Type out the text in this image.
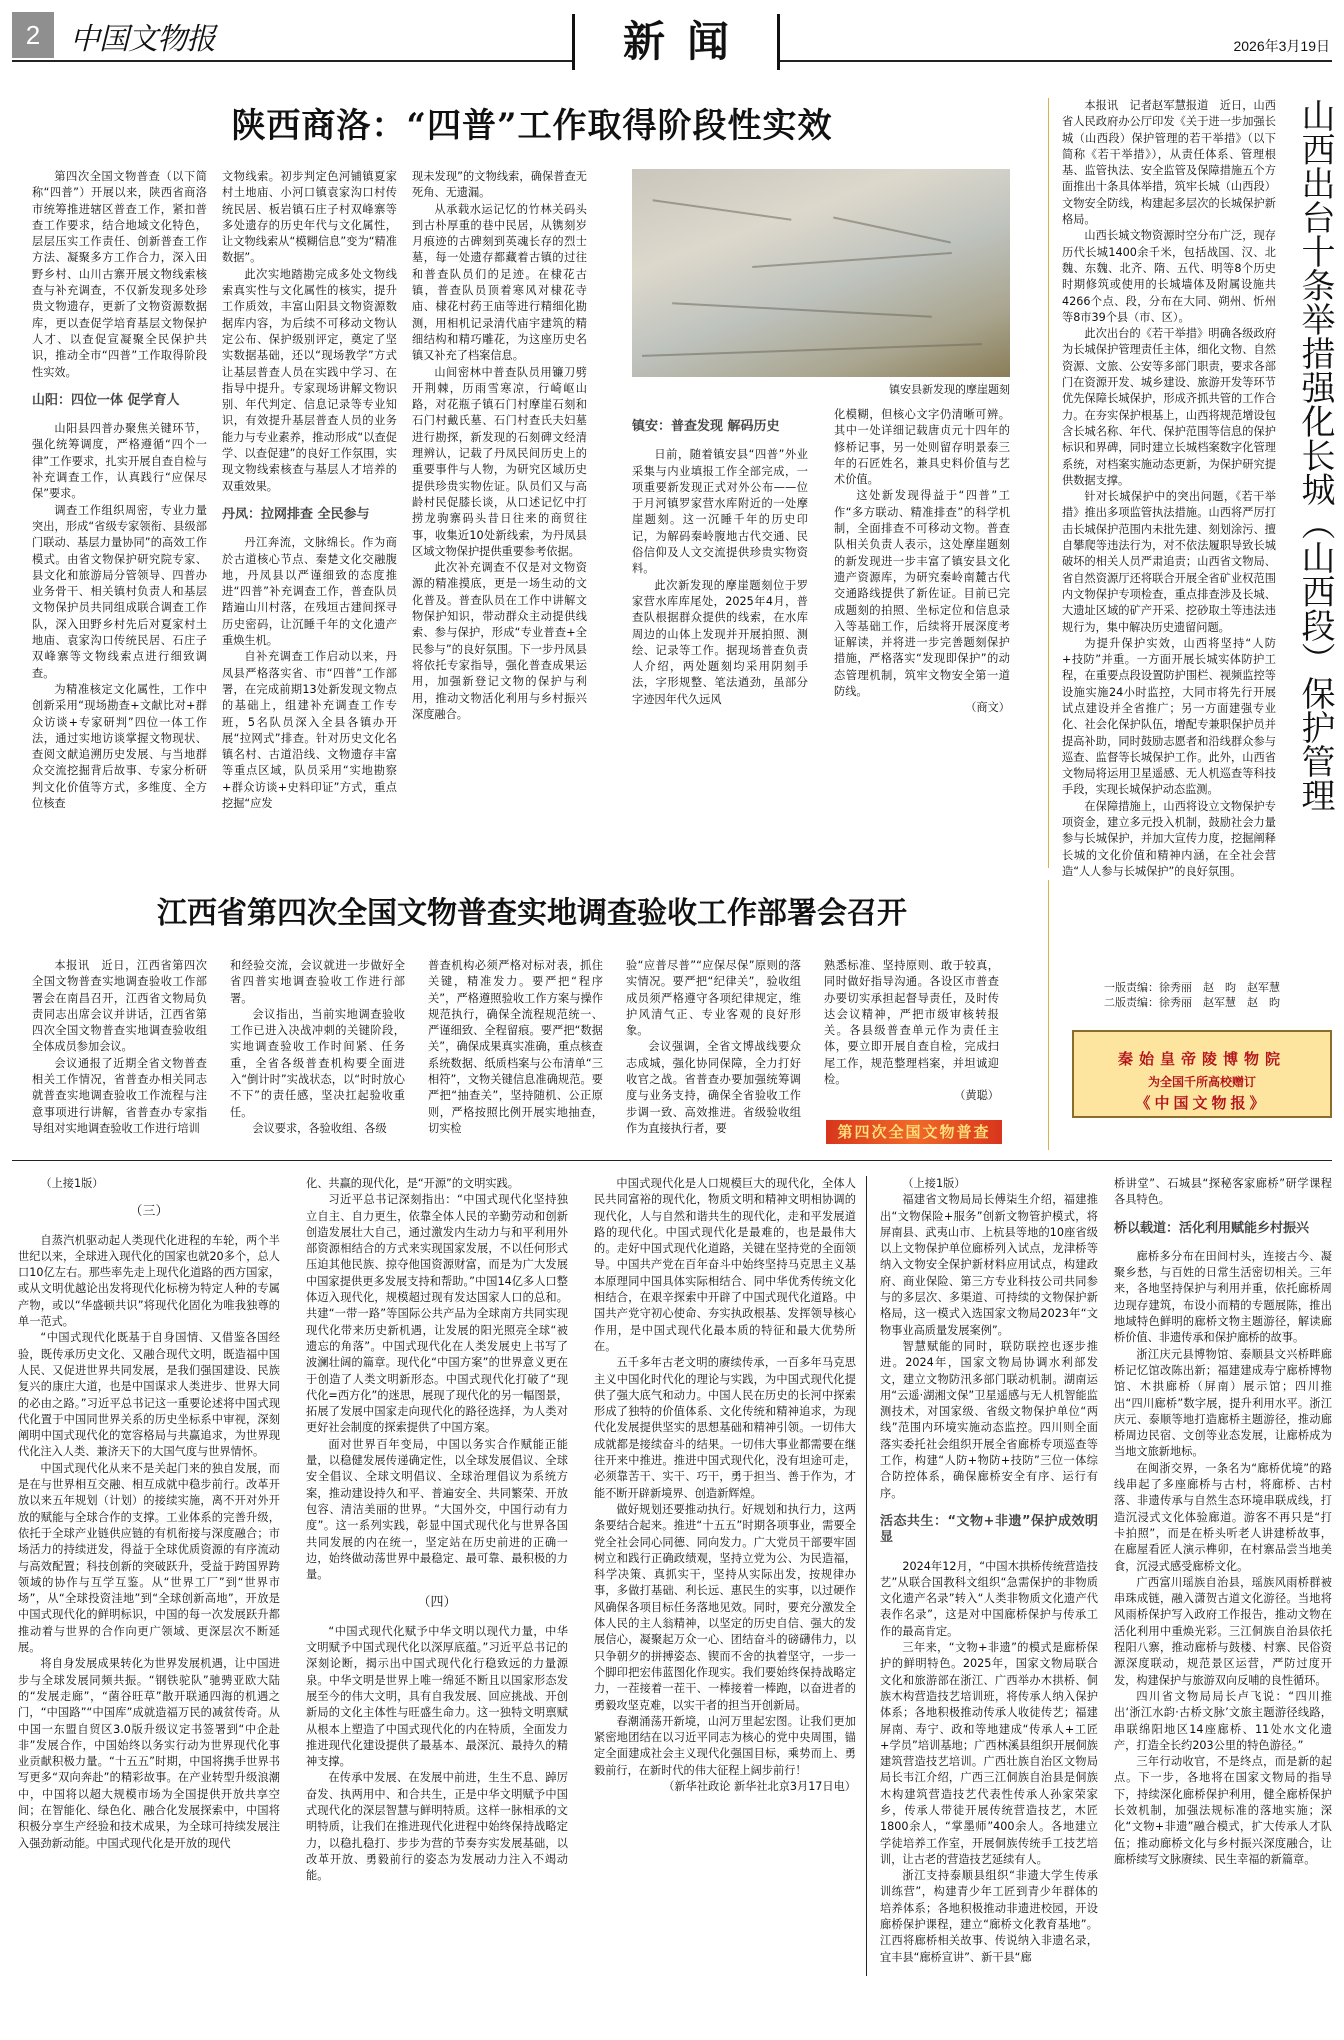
2 中国文物报	新闻	2026年3月19日
陕西商洛：“四普”工作取得阶段性实效

第四次全国文物普查（以下简称“四普”）开展以来，陕西省商洛市统筹推进辖区普查工作，紧扣普查工作要求，结合地域文化特色，层层压实工作责任、创新普查工作方法、凝聚多方工作合力，深入田野乡村、山川古寨开展文物线索核查与补充调查，不仅新发现多处珍贵文物遗存，更新了文物资源数据库，更以查促学培育基层文物保护人才、以查促宣凝聚全民保护共识，推动全市“四普”工作取得阶段性实效。

山阳：四位一体 促学育人

山阳县四普办聚焦关键环节，强化统筹调度，严格遵循“四个一律”工作要求，扎实开展自查自检与补充调查工作，认真践行“应保尽保”要求。

调查工作组织周密，专业力量突出，形成“省级专家领衔、县级部门联动、基层力量协同”的高效工作模式。由省文物保护研究院专家、县文化和旅游局分管领导、四普办业务骨干、相关镇村负责人和基层文物保护员共同组成联合调查工作队，深入田野乡村先后对夏家村土地庙、袁家沟口传统民居、石庄子双峰寨等文物线索点进行细致调查。

为精准核定文化属性，工作中创新采用“现场勘查+文献比对+群众访谈+专家研判”四位一体工作法，通过实地访谈掌握文物现状、查阅文献追溯历史发展、与当地群众交流挖掘背后故事、专家分析研判文化价值等方式，多维度、全方位核查

文物线索。初步判定色河铺镇夏家村土地庙、小河口镇袁家沟口村传统民居、板岩镇石庄子村双峰寨等多处遗存的历史年代与文化属性，让文物线索从“模糊信息”变为“精准数据”。

此次实地踏勘完成多处文物线索真实性与文化属性的核实，提升工作质效，丰富山阳县文物资源数据库内容，为后续不可移动文物认定公布、保护级别评定，奠定了坚实数据基础，还以“现场教学”方式让基层普查人员在实践中学习、在指导中提升。专家现场讲解文物识别、年代判定、信息记录等专业知识，有效提升基层普查人员的业务能力与专业素养，推动形成“以查促学、以查促建”的良好工作氛围，实现文物线索核查与基层人才培养的双重效果。

丹凤：拉网排查 全民参与

丹江奔流，文脉绵长。作为商於古道核心节点、秦楚文化交融腹地，丹凤县以严谨细致的态度推进“四普”补充调查工作，普查队员踏遍山川村落，在残垣古建间探寻历史密码，让沉睡千年的文化遗产重焕生机。

自补充调查工作启动以来，丹凤县严格落实省、市“四普”工作部署，在完成前期13处新发现文物点的基础上，组建补充调查工作专班，5名队员深入全县各镇办开展“拉网式”排查。针对历史文化名镇名村、古道沿线、文物遗存丰富等重点区域，队员采用“实地勘察+群众访谈+史料印证”方式，重点挖掘“应发

现未发现”的文物线索，确保普查无死角、无遗漏。

从承载水运记忆的竹林关码头到古朴厚重的巷中民居，从镌刻岁月痕迹的古碑刻到英魂长存的烈士墓，每一处遗存都藏着古镇的过往和普查队员们的足迹。在棣花古镇，普查队员顶着寒风对棣花寺庙、棣花村药王庙等进行精细化勘测，用相机记录清代庙宇建筑的精细结构和精巧雕花，为这座历史名镇又补充了档案信息。

山间密林中普查队员用镰刀劈开荆棘，历雨雪寒凉，行崎岖山路，对花瓶子镇石门村摩崖石刻和石门村戴氏墓、石门村查氏夫妇墓进行勘探，新发现的石刻碑文经清理辨认，记载了丹凤民间历史上的重要事件与人物，为研究区域历史提供珍贵实物佐证。队员们又与高龄村民促膝长谈，从口述记忆中打捞龙驹寨码头昔日往来的商贸往事，收集近10处新线索，为丹凤县区域文物保护提供重要参考依据。

此次补充调查不仅是对文物资源的精准摸底，更是一场生动的文化普及。普查队员在工作中讲解文物保护知识，带动群众主动提供线索、参与保护，形成“专业普查+全民参与”的良好氛围。下一步丹凤县将依托专家指导，强化普查成果运用，加强新登记文物的保护与利用，推动文物活化利用与乡村振兴深度融合。

镇安县新发现的摩崖题刻
镇安：普查发现 解码历史

日前，随着镇安县“四普”外业采集与内业填报工作全部完成，一项重要新发现正式对外公布——位于月河镇罗家营水库附近的一处摩崖题刻。这一沉睡千年的历史印记，为解码秦岭腹地古代交通、民俗信仰及人文交流提供珍贵实物资料。

此次新发现的摩崖题刻位于罗家营水库库尾处，2025年4月，普查队根据群众提供的线索，在水库周边的山体上发现并开展拍照、测绘、记录等工作。据现场普查负责人介绍，两处题刻均采用阴刻手法，字形规整、笔法遒劲，虽部分字迹因年代久远风

化模糊，但核心文字仍清晰可辨。其中一处详细记载唐贞元十四年的修桥记事，另一处则留存明景泰三年的石匠姓名，兼具史料价值与艺术价值。

这处新发现得益于“四普”工作“多方联动、精准排查”的科学机制，全面排查不可移动文物。普查队相关负责人表示，这处摩崖题刻的新发现进一步丰富了镇安县文化遗产资源库，为研究秦岭南麓古代交通路线提供了新佐证。目前已完成题刻的拍照、坐标定位和信息录入等基础工作，后续将开展深度考证解读，并将进一步完善题刻保护措施，严格落实“发现即保护”的动态管理机制，筑牢文物安全第一道防线。

（商文）

本报讯　记者赵军慧报道　近日，山西省人民政府办公厅印发《关于进一步加强长城（山西段）保护管理的若干举措》（以下简称《若干举措》），从责任体系、管理根基、监管执法、安全监管及保障措施五个方面推出十条具体举措，筑牢长城（山西段）文物安全防线，构建起多层次的长城保护新格局。

山西长城文物资源时空分布广泛，现存历代长城1400余千米，包括战国、汉、北魏、东魏、北齐、隋、五代、明等8个历史时期修筑或使用的长城墙体及附属设施共4266个点、段，分布在大同、朔州、忻州等8市39个县（市、区）。

此次出台的《若干举措》明确各级政府为长城保护管理责任主体，细化文物、自然资源、文旅、公安等多部门职责，要求各部门在资源开发、城乡建设、旅游开发等环节优先保障长城保护，形成齐抓共管的工作合力。在夯实保护根基上，山西将规范增设包含长城名称、年代、保护范围等信息的保护标识和界碑，同时建立长城档案数字化管理系统，对档案实施动态更新，为保护研究提供数据支撑。

针对长城保护中的突出问题，《若干举措》推出多项监管执法措施。山西将严厉打击长城保护范围内未批先建、刻划涂污、擅自攀爬等违法行为，对不依法履职导致长城破坏的相关人员严肃追责；山西省文物局、省自然资源厅还将联合开展全省矿业权范围内文物保护专项检查，重点排查涉及长城、大遗址区域的矿产开采、挖砂取土等违法违规行为，集中解决历史遗留问题。

为提升保护实效，山西将坚持“人防+技防”并重。一方面开展长城实体防护工程，在重要点段设置防护围栏、视频监控等设施实施24小时监控，大同市将先行开展试点建设并全省推广；另一方面建强专业化、社会化保护队伍，增配专兼职保护员并提高补助，同时鼓励志愿者和沿线群众参与巡查、监督等长城保护工作。此外，山西省文物局将运用卫星遥感、无人机巡查等科技手段，实现长城保护动态监测。

在保障措施上，山西将设立文物保护专项资金，建立多元投入机制，鼓励社会力量参与长城保护，并加大宣传力度，挖掘阐释长城的文化价值和精神内涵，在全社会营造“人人参与长城保护”的良好氛围。

山西出台十条举措强化长城（山西段）保护管理
一版责编：徐秀丽　赵　昀　赵军慧
二版责编：徐秀丽　赵军慧　赵　昀
秦始皇帝陵博物院
为全国千所高校赠订
《中国文物报》
江西省第四次全国文物普查实地调查验收工作部署会召开

本报讯　近日，江西省第四次全国文物普查实地调查验收工作部署会在南昌召开，江西省文物局负责同志出席会议并讲话，江西省第四次全国文物普查实地调查验收组全体成员参加会议。

会议通报了近期全省文物普查相关工作情况，省普查办相关同志就普查实地调查验收工作流程与注意事项进行讲解，省普查办专家指导组对实地调查验收工作进行培训

和经验交流，会议就进一步做好全省四普实地调查验收工作进行部署。

会议指出，当前实地调查验收工作已进入决战冲刺的关键阶段，实地调查验收工作时间紧、任务重，全省各级普查机构要全面进入“倒计时”实战状态，以“时时放心不下”的责任感，坚决扛起验收重任。

会议要求，各验收组、各级

普查机构必须严格对标对表，抓住关键，精准发力。要严把“程序关”，严格遵照验收工作方案与操作规范执行，确保全流程规范统一、严谨细致、全程留痕。要严把“数据关”，确保成果真实准确，重点核查系统数据、纸质档案与公布清单“三相符”，文物关键信息准确规范。要严把“抽查关”，坚持随机、公正原则，严格按照比例开展实地抽查，切实检

验“应普尽普”“应保尽保”原则的落实情况。要严把“纪律关”，验收组成员须严格遵守各项纪律规定，维护风清气正、专业客观的良好形象。

会议强调，全省文博战线要众志成城，强化协同保障，全力打好收官之战。省普查办要加强统筹调度与业务支持，确保全省验收工作步调一致、高效推进。省级验收组作为直接执行者，要

熟悉标准、坚持原则、敢于较真，同时做好指导沟通。各设区市普查办要切实承担起督导责任，及时传达会议精神，严把市级审核转报关。各县级普查单元作为责任主体，要立即开展自查自检，完成扫尾工作，规范整理档案，并坦诚迎检。

（黄聪）

第四次全国文物普查

（上接1版）

（三）

自蒸汽机驱动起人类现代化进程的车轮，两个半世纪以来，全球进入现代化的国家也就20多个，总人口10亿左右。那些率先走上现代化道路的西方国家，或从文明优越论出发将现代化标榜为特定人种的专属产物，或以“华盛顿共识”将现代化固化为唯我独尊的单一范式。

“中国式现代化既基于自身国情、又借鉴各国经验，既传承历史文化、又融合现代文明，既造福中国人民、又促进世界共同发展，是我们强国建设、民族复兴的康庄大道，也是中国谋求人类进步、世界大同的必由之路。”习近平总书记这一重要论述将中国式现代化置于中国同世界关系的历史坐标系中审视，深刻阐明中国式现代化的宽容格局与共赢追求，为世界现代化注入人类、兼济天下的大国气度与世界情怀。

中国式现代化从来不是关起门来的独自发展，而是在与世界相互交融、相互成就中稳步前行。改革开放以来五年规划（计划）的接续实施，离不开对外开放的赋能与全球合作的支撑。工业体系的完善升级，依托于全球产业链供应链的有机衔接与深度融合；市场活力的持续迸发，得益于全球优质资源的有序流动与高效配置；科技创新的突破跃升，受益于跨国界跨领域的协作与互学互鉴。从“世界工厂”到“世界市场”，从“全球投资洼地”到“全球创新高地”，开放是中国式现代化的鲜明标识，中国的每一次发展跃升都推动着与世界的合作向更广领域、更深层次不断延展。

将自身发展成果转化为世界发展机遇，让中国进步与全球发展同频共振。“钢铁驼队”驰骋亚欧大陆的“发展走廊”，“菌谷旺草”散开联通四海的机遇之门，“中国路”“中国库”成就造福万民的减贫传奇。从中国一东盟自贸区3.0版升级议定书签署到“中企赴非”发展合作，中国始终以务实行动为世界现代化事业贡献积极力量。“十五五”时期，中国将携手世界书写更多“双向奔赴”的精彩故事。在产业转型升级浪潮中，中国将以超大规模市场为全国提供开放共享空间；在智能化、绿色化、融合化发展探索中，中国将积极分享生产经验和技术成果，为全球可持续发展注入强劲新动能。中国式现代化是开放的现代

化、共赢的现代化，是“开源”的文明实践。

习近平总书记深刻指出：“中国式现代化坚持独立自主、自力更生，依靠全体人民的辛勤劳动和创新创造发展壮大自己，通过激发内生动力与和平利用外部资源相结合的方式来实现国家发展，不以任何形式压迫其他民族、掠夺他国资源财富，而是为广大发展中国家提供更多发展支持和帮助。”中国14亿多人口整体迈入现代化，规模超过现有发达国家人口的总和。共建“一带一路”等国际公共产品为全球南方共同实现现代化带来历史新机遇，让发展的阳光照亮全球“被遗忘的角落”。中国式现代化在人类发展史上书写了波澜壮阔的篇章。现代化“中国方案”的世界意义更在于创造了人类文明新形态。中国式现代化打破了“现代化=西方化”的迷思，展现了现代化的另一幅图景，拓展了发展中国家走向现代化的路径选择，为人类对更好社会制度的探索提供了中国方案。

面对世界百年变局，中国以务实合作赋能正能量，以稳健发展传递确定性，以全球发展倡议、全球安全倡议、全球文明倡议、全球治理倡议为系统方案，推动建设持久和平、普遍安全、共同繁荣、开放包容、清洁美丽的世界。“大国外交，中国行动有力度”。这一系列实践，彰显中国式现代化与世界各国共同发展的内在统一，坚定站在历史前进的正确一边，始终做动荡世界中最稳定、最可靠、最积极的力量。

（四）

“中国式现代化赋予中华文明以现代力量，中华文明赋予中国式现代化以深厚底蕴。”习近平总书记的深刻论断，揭示出中国式现代化行稳致远的力量源泉。中华文明是世界上唯一绵延不断且以国家形态发展至今的伟大文明，具有自我发展、回应挑战、开创新局的文化主体性与旺盛生命力。这一独特文明禀赋从根本上塑造了中国式现代化的内在特质，全面发力推进现代化建设提供了最基本、最深沉、最持久的精神支撑。

在传承中发展、在发展中前进，生生不息、踔厉奋发、执两用中、和合共生，正是中华文明赋予中国式现代化的深层智慧与鲜明特质。这样一脉相承的文明特质，让我们在推进现代化进程中始终保持战略定力，以稳扎稳打、步步为营的节奏夯实发展基础，以改革开放、勇毅前行的姿态为发展动力注入不竭动能。

中国式现代化是人口规模巨大的现代化，全体人民共同富裕的现代化，物质文明和精神文明相协调的现代化，人与自然和谐共生的现代化，走和平发展道路的现代化。中国式现代化是最难的，也是最伟大的。走好中国式现代化道路，关键在坚持党的全面领导。中国共产党在百年奋斗中始终坚持马克思主义基本原理同中国具体实际相结合、同中华优秀传统文化相结合，在艰辛探索中开辟了中国式现代化道路。中国共产党守初心使命、夯实执政根基、发挥领导核心作用，是中国式现代化最本质的特征和最大优势所在。

五千多年古老文明的赓续传承，一百多年马克思主义中国化时代化的理论与实践，为中国式现代化提供了强大底气和动力。中国人民在历史的长河中探索形成了独特的价值体系、文化传统和精神追求，为现代化发展提供坚实的思想基础和精神引领。一切伟大成就都是接续奋斗的结果。一切伟大事业都需要在继往开来中推进。推进中国式现代化，没有坦途可走，必须靠苦干、实干、巧干，勇于担当、善于作为，才能不断开辟新境界、创造新辉煌。

做好规划还要推动执行。好规划和执行力，这两条要结合起来。推进“十五五”时期各项事业，需要全党全社会同心同德、同向发力。广大党员干部要牢固树立和践行正确政绩观，坚持立党为公、为民造福，科学决策、真抓实干，坚持从实际出发，按规律办事，多做打基础、利长远、惠民生的实事，以过硬作风确保各项目标任务落地见效。同时，要充分激发全体人民的主人翁精神，以坚定的历史自信、强大的发展信心，凝聚起万众一心、团结奋斗的磅礴伟力，以只争朝夕的拼搏姿态、锲而不舍的执着坚守，一步一个脚印把宏伟蓝图化作现实。我们要始终保持战略定力，一茬接着一茬干、一棒接着一棒跑，以奋进者的勇毅攻坚克难，以实干者的担当开创新局。

春潮涌荡开新境，山河万里起宏图。让我们更加紧密地团结在以习近平同志为核心的党中央周围，锚定全面建成社会主义现代化强国目标，乘势而上、勇毅前行，在新时代的伟大征程上阔步前行！

（新华社政论 新华社北京3月17日电）

（上接1版）

福建省文物局局长傅柒生介绍，福建推出“文物保险+服务”创新文物管护模式，将屏南县、武夷山市、上杭县等地的10座省级以上文物保护单位廊桥列入试点，龙津桥等纳入文物安全保护新材料应用试点，构建政府、商业保险、第三方专业科技公司共同参与的多层次、多渠道、可持续的文物保护新格局，这一模式入选国家文物局2023年“文物事业高质量发展案例”。

智慧赋能的同时，联防联控也逐步推进。2024年，国家文物局协调水利部发文，建立文物防汛多部门联动机制。湖南运用“云遥·湖湘文保”卫星遥感与无人机智能监测技术，对国家级、省级文物保护单位“两线”范围内环境实施动态监控。四川则全面落实委托社会组织开展全省廊桥专项巡查等工作，构建“人防+物防+技防”三位一体综合防控体系，确保廊桥安全有序、运行有序。

活态共生：“文物+非遗”保护成效明显

2024年12月，“中国木拱桥传统营造技艺”从联合国教科文组织“急需保护的非物质文化遗产名录”转入“人类非物质文化遗产代表作名录”，这是对中国廊桥保护与传承工作的最高肯定。

三年来，“文物+非遗”的模式是廊桥保护的鲜明特色。2025年，国家文物局联合文化和旅游部在浙江、广西举办木拱桥、侗族木构营造技艺培训班，将传承人纳入保护体系；各地积极推动传承人收徒传艺；福建屏南、寿宁、政和等地建成“传承人+工匠+学员”培训基地；广西林溪县组织开展侗族建筑营造技艺培训。广西壮族自治区文物局局长韦江介绍，广西三江侗族自治县是侗族木构建筑营造技艺代表性传承人孙家荣家乡，传承人带徒开展传统营造技艺，木匠1800余人，“掌墨师”400余人。各地建立学徒培养工作室，开展侗族传统手工技艺培训，让古老的营造技艺延续有人。

浙江支持泰顺县组织“非遗大学生传承训练营”，构建青少年工匠到青少年群体的培养体系；各地积极推动非遗进校园，开设廊桥保护课程，建立“廊桥文化教育基地”。江西将廊桥相关故事、传说纳入非遗名录，宜丰县“廊桥宣讲”、新干县“廊

桥讲堂”、石城县“探秘客家廊桥”研学课程各具特色。

桥以载道：活化利用赋能乡村振兴

廊桥多分布在田间村头，连接古今、凝聚乡愁，与百姓的日常生活密切相关。三年来，各地坚持保护与利用并重，依托廊桥周边现存建筑，布设小而精的专题展陈，推出地域特色鲜明的廊桥文物主题游径，解读廊桥价值、非遗传承和保护廊桥的故事。

浙江庆元县博物馆、泰顺县文兴桥畔廊桥记忆馆改陈出新；福建建成寿宁廊桥博物馆、木拱廊桥（屏南）展示馆；四川推出“四川廊桥”数字展，提升利用水平。浙江庆元、泰顺等地打造廊桥主题游径，推动廊桥周边民宿、文创等业态发展，让廊桥成为当地文旅新地标。

在闽浙交界，一条名为“廊桥优境”的路线串起了多座廊桥与古村，将廊桥、古村落、非遗传承与自然生态环境串联成线，打造沉浸式文化体验廊道。游客不再只是“打卡拍照”，而是在桥头听老人讲建桥故事，在廊屋看匠人演示榫卯，在村寨品尝当地美食，沉浸式感受廊桥文化。

广西富川瑶族自治县，瑶族风雨桥群被串珠成链，融入潇贺古道文化游径。当地将风雨桥保护写入政府工作报告，推动文物在活化利用中重焕光彩。三江侗族自治县依托程阳八寨，推动廊桥与鼓楼、村寨、民俗资源深度联动，规范景区运营，严防过度开发，构建保护与旅游双向反哺的良性循环。

四川省文物局局长卢飞说：“四川推出‘浙江水韵·古桥文脉’文旅主题游径线路，串联绵阳地区14座廊桥、11处水文化遗产，打造全长约203公里的特色游径。”

三年行动收官，不是终点，而是新的起点。下一步，各地将在国家文物局的指导下，持续深化廊桥保护利用，健全廊桥保护长效机制，加强法规标准的落地实施；深化“文物+非遗”融合模式，扩大传承人才队伍；推动廊桥文化与乡村振兴深度融合，让廊桥续写文脉赓续、民生幸福的新篇章。
